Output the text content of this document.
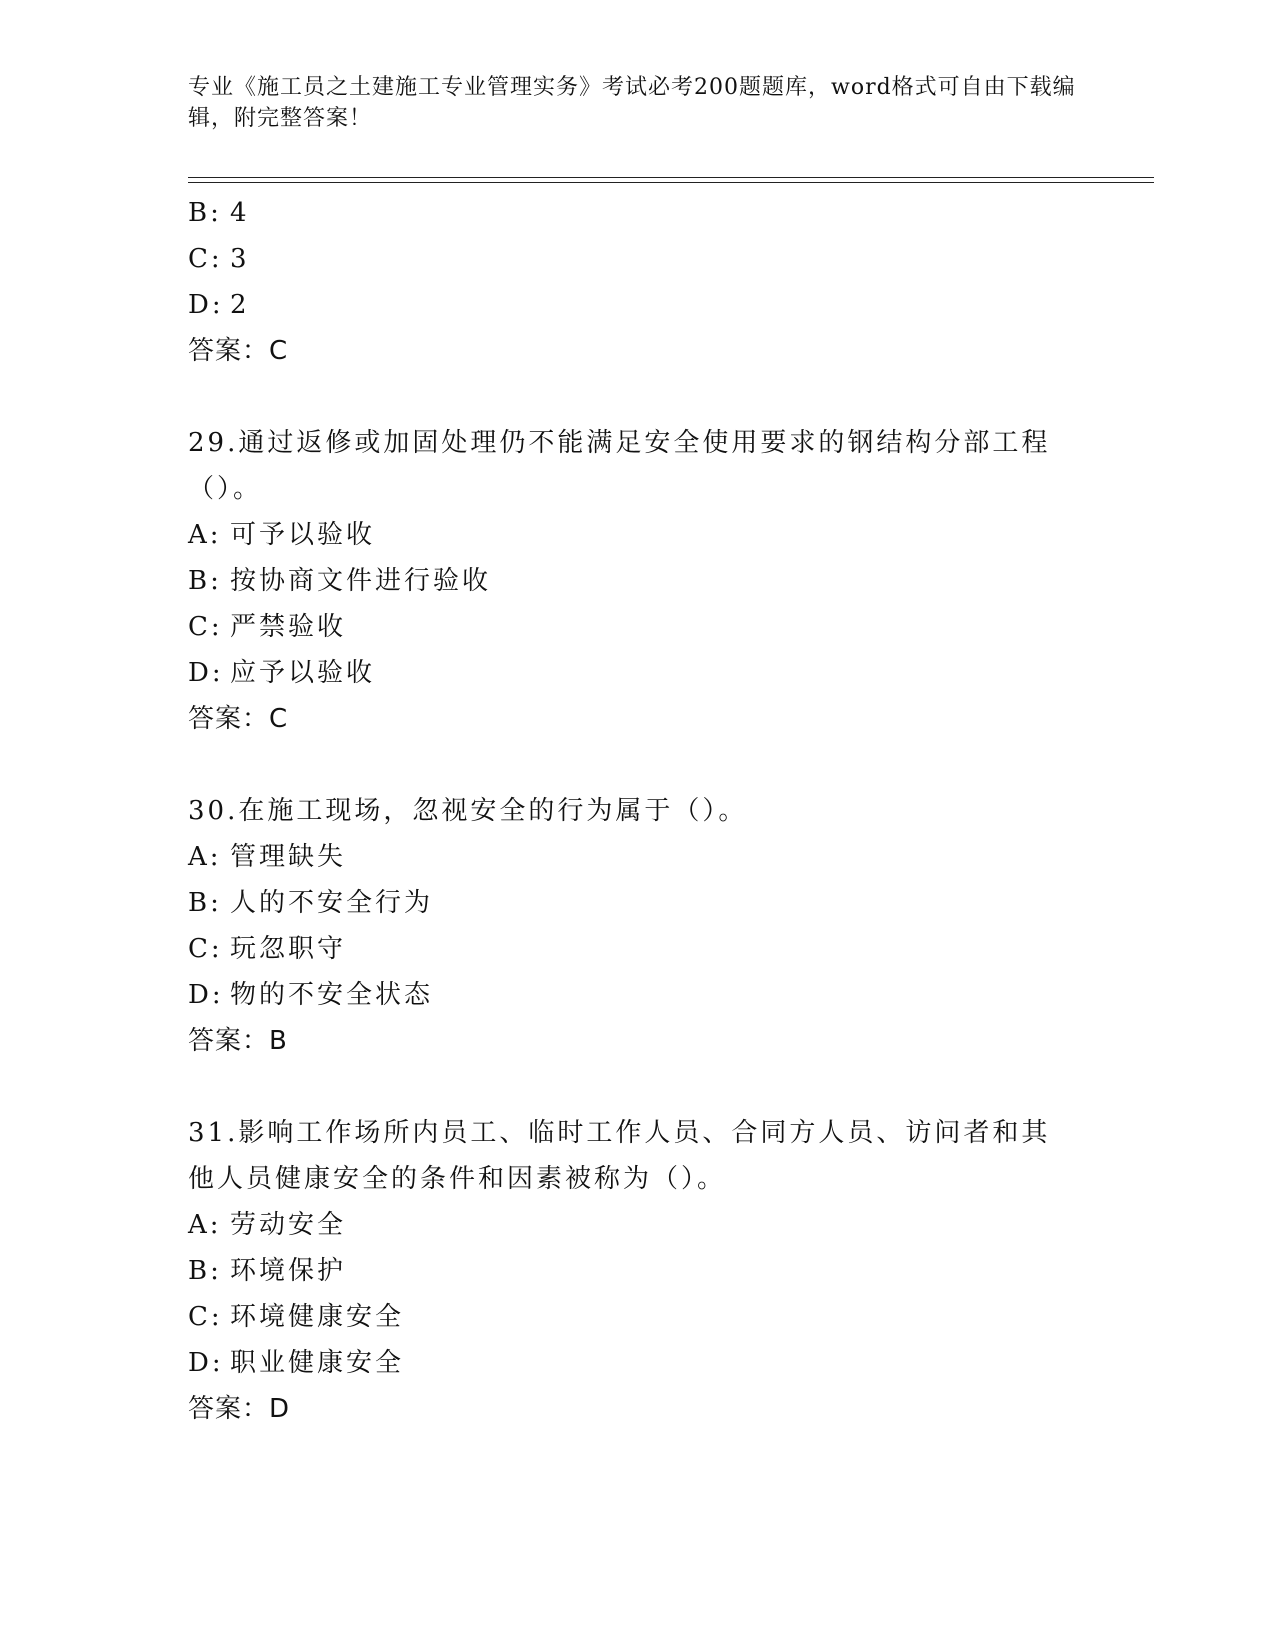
专业《施工员之土建施工专业管理实务》考试必考200题题库，word格式可自由下载编辑，附完整答案！
B: 4
C: 3
D: 2
答案：C
29.通过返修或加固处理仍不能满足安全使用要求的钢结构分部工程（）。
A: 可予以验收
B: 按协商文件进行验收
C: 严禁验收
D: 应予以验收
答案：C
30.在施工现场，忽视安全的行为属于（）。
A: 管理缺失
B: 人的不安全行为
C: 玩忽职守
D: 物的不安全状态
答案：B
31.影响工作场所内员工、临时工作人员、合同方人员、访问者和其他人员健康安全的条件和因素被称为（）。
A: 劳动安全
B: 环境保护
C: 环境健康安全
D: 职业健康安全
答案：D
